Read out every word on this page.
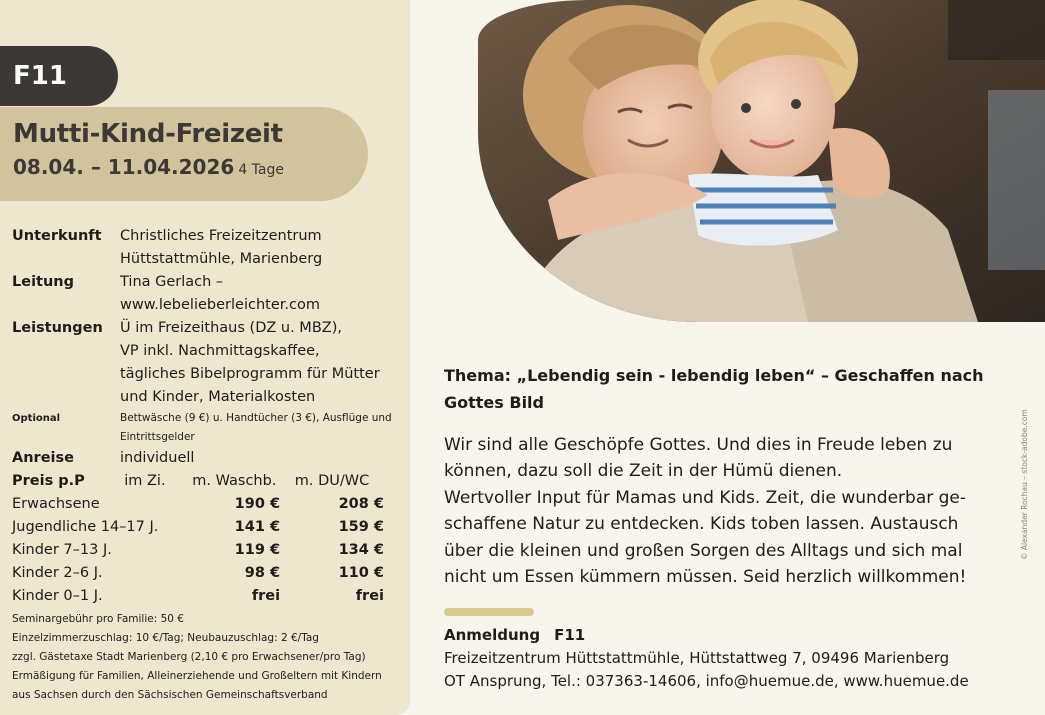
F11
Mutti-Kind-Freizeit
08.04. – 11.04.2026 4 Tage
Unterkunft	Christliches Freizeitzentrum
Hüttstattmühle, Marienberg
Leitung	Tina Gerlach –
www.lebelieberleichter.com
Leistungen	Ü im Freizeithaus (DZ u. MBZ),
VP inkl. Nachmittagskaffee,
tägliches Bibelprogramm für Mütter
und Kinder, Materialkosten
Optional	Bettwäsche (9 €) u. Handtücher (3 €), Ausflüge und
Eintrittsgelder
Anreise	individuell
Preis p.P	im Zi.	m. Waschb.	m. DU/WC
Erwachsene		190 €	208 €
Jugendliche 14–17 J.		141 €	159 €
Kinder 7–13 J.		119 €	134 €
Kinder 2–6 J.		98 €	110 €
Kinder 0–1 J.		frei	frei
Seminargebühr pro Familie: 50 €
Einzelzimmerzuschlag: 10 €/Tag; Neubauzuschlag: 2 €/Tag
zzgl. Gästetaxe Stadt Marienberg (2,10 € pro Erwachsener/pro Tag)
Ermäßigung für Familien, Alleinerziehende und Großeltern mit Kindern
aus Sachsen durch den Sächsischen Gemeinschaftsverband
© Alexander Rochau – stock-adobe.com
Thema: „Lebendig sein - lebendig leben“ – Geschaffen nach
Gottes Bild
Wir sind alle Geschöpfe Gottes. Und dies in Freude leben zu
können, dazu soll die Zeit in der Hümü dienen.
Wertvoller Input für Mamas und Kids. Zeit, die wunderbar ge-
schaffene Natur zu entdecken. Kids toben lassen. Austausch
über die kleinen und großen Sorgen des Alltags und sich mal
nicht um Essen kümmern müssen. Seid herzlich willkommen!
Anmeldung F11
Freizeitzentrum Hüttstattmühle, Hüttstattweg 7, 09496 Marienberg
OT Ansprung, Tel.: 037363-14606, info@huemue.de, www.huemue.de
